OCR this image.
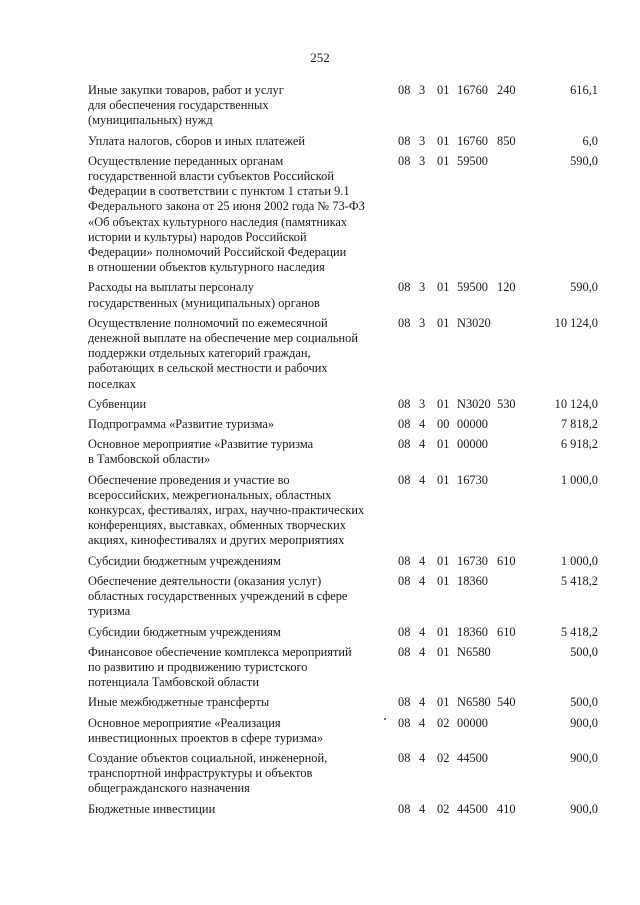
252
Иные закупки товаров, работ и услуг
для обеспечения государственных
(муниципальных) нужд
08 3 01 16760 240	616,1
Уплата налогов, сборов и иных платежей	08 3 01 16760 850	6,0
Осуществление переданных органам
государственной власти субъектов Российской
Федерации в соответствии с пунктом 1 статьи 9.1
Федерального закона от 25 июня 2002 года № 73-ФЗ
«Об объектах культурного наследия (памятниках
истории и культуры) народов Российской
Федерации» полномочий Российской Федерации
в отношении объектов культурного наследия
08 3 01 59500	590,0
Расходы на выплаты персоналу
государственных (муниципальных) органов
08 3 01 59500 120	590,0
Осуществление полномочий по ежемесячной
денежной выплате на обеспечение мер социальной
поддержки отдельных категорий граждан,
работающих в сельской местности и рабочих
поселках
08 3 01 N3020	10 124,0
Субвенции	08 3 01 N3020 530	10 124,0
Подпрограмма «Развитие туризма»	08 4 00 00000	7 818,2
Основное мероприятие «Развитие туризма
в Тамбовской области»
08 4 01 00000	6 918,2
Обеспечение проведения и участие во
всероссийских, межрегиональных, областных
конкурсах, фестивалях, играх, научно-практических
конференциях, выставках, обменных творческих
акциях, кинофестивалях и других мероприятиях
08 4 01 16730	1 000,0
Субсидии бюджетным учреждениям	08 4 01 16730 610	1 000,0
Обеспечение деятельности (оказания услуг)
областных государственных учреждений в сфере
туризма
08 4 01 18360	5 418,2
Субсидии бюджетным учреждениям	08 4 01 18360 610	5 418,2
Финансовое обеспечение комплекса мероприятий
по развитию и продвижению туристского
потенциала Тамбовской области
08 4 01 N6580	500,0
Иные межбюджетные трансферты	08 4 01 N6580 540	500,0
Основное мероприятие «Реализация
инвестиционных проектов в сфере туризма»
08 4 02 00000	900,0
Создание объектов социальной, инженерной,
транспортной инфраструктуры и объектов
общегражданского назначения
08 4 02 44500	900,0
Бюджетные инвестиции	08 4 02 44500 410	900,0
